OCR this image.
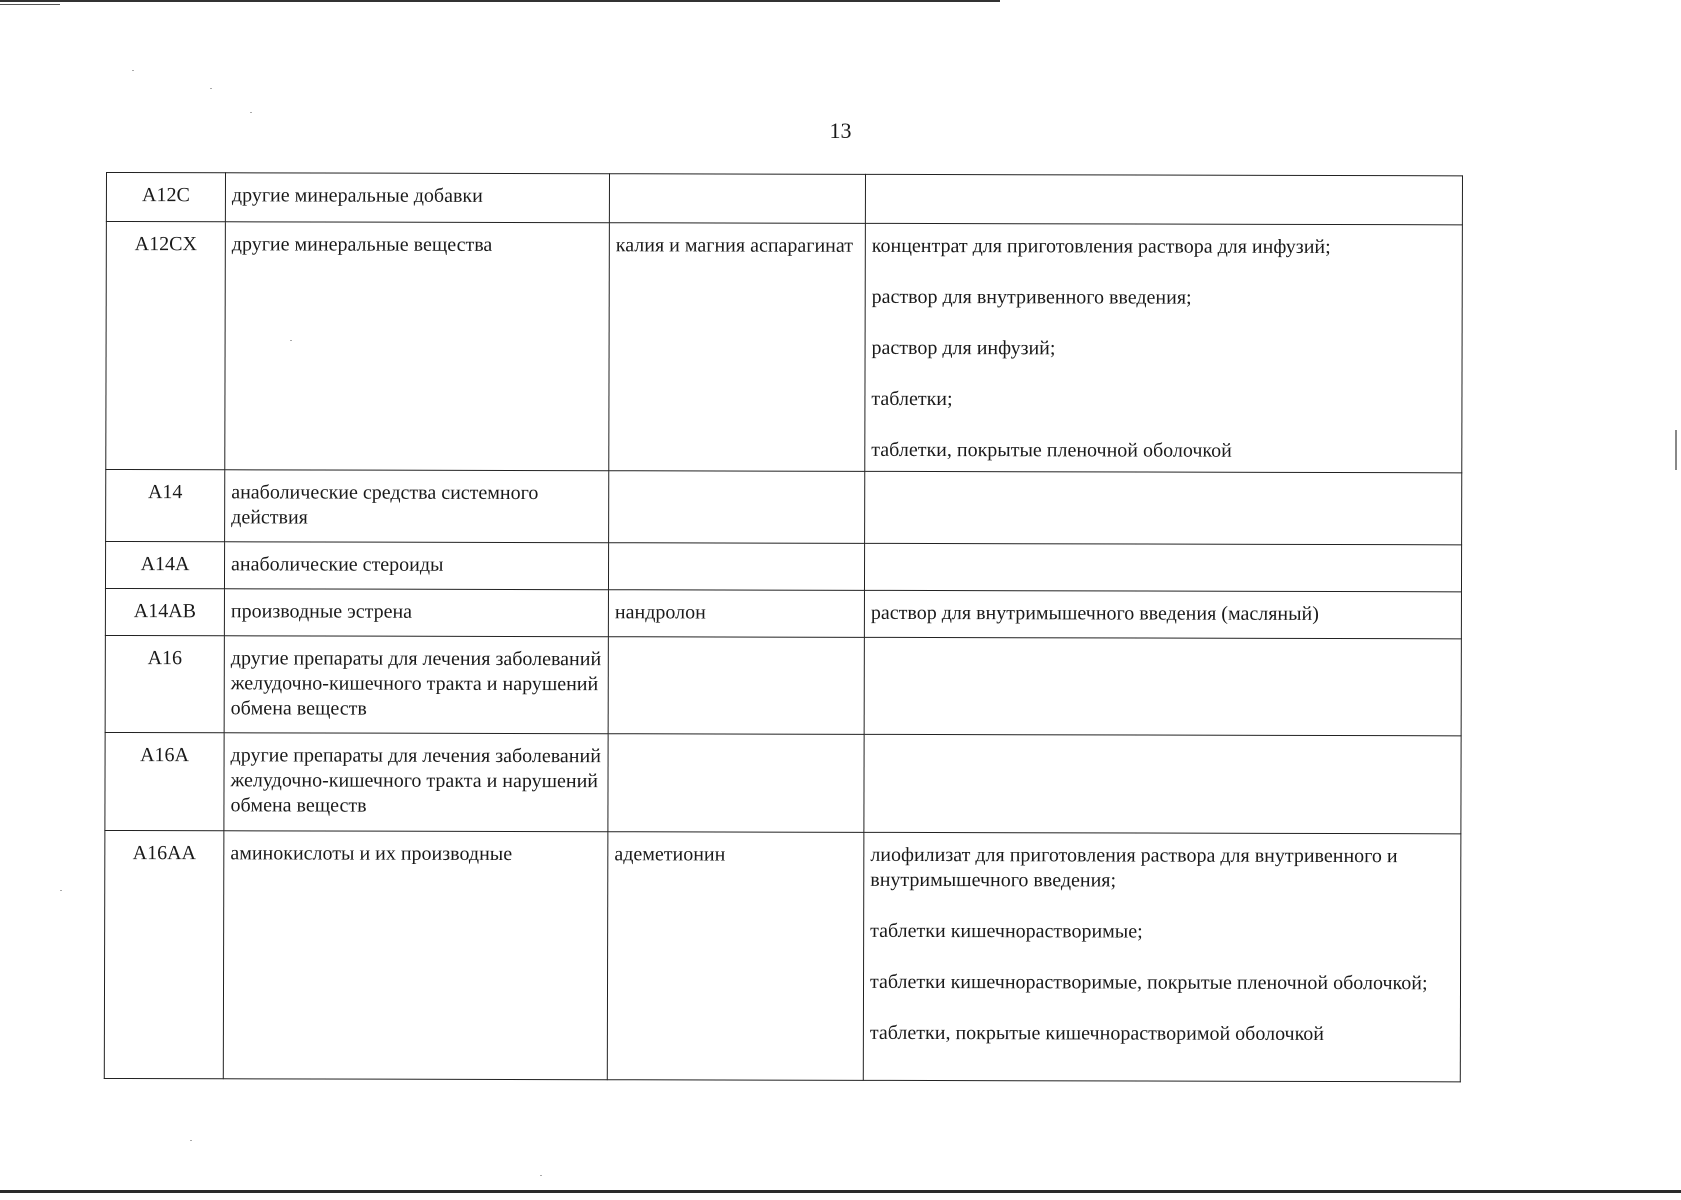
13
A12C	другие минеральные добавки		
A12CX	другие минеральные вещества	калия и магния аспарагинат	концентрат для приготовления раствора для инфузий;
раствор для внутривенного введения;
раствор для инфузий;
таблетки;
таблетки, покрытые пленочной оболочкой

A14	анаболические средства системного действия		
A14A	анаболические стероиды		
A14AB	производные эстрена	нандролон	раствор для внутримышечного введения (масляный)

A16	другие препараты для лечения заболеваний желудочно-кишечного тракта и нарушений обмена веществ		
A16A	другие препараты для лечения заболеваний желудочно-кишечного тракта и нарушений обмена веществ		
A16AA	аминокислоты и их производные	адеметионин	лиофилизат для приготовления раствора для внутривенного и внутримышечного введения;
таблетки кишечнорастворимые;
таблетки кишечнорастворимые, покрытые пленочной оболочкой;
таблетки, покрытые кишечнорастворимой оболочкой
